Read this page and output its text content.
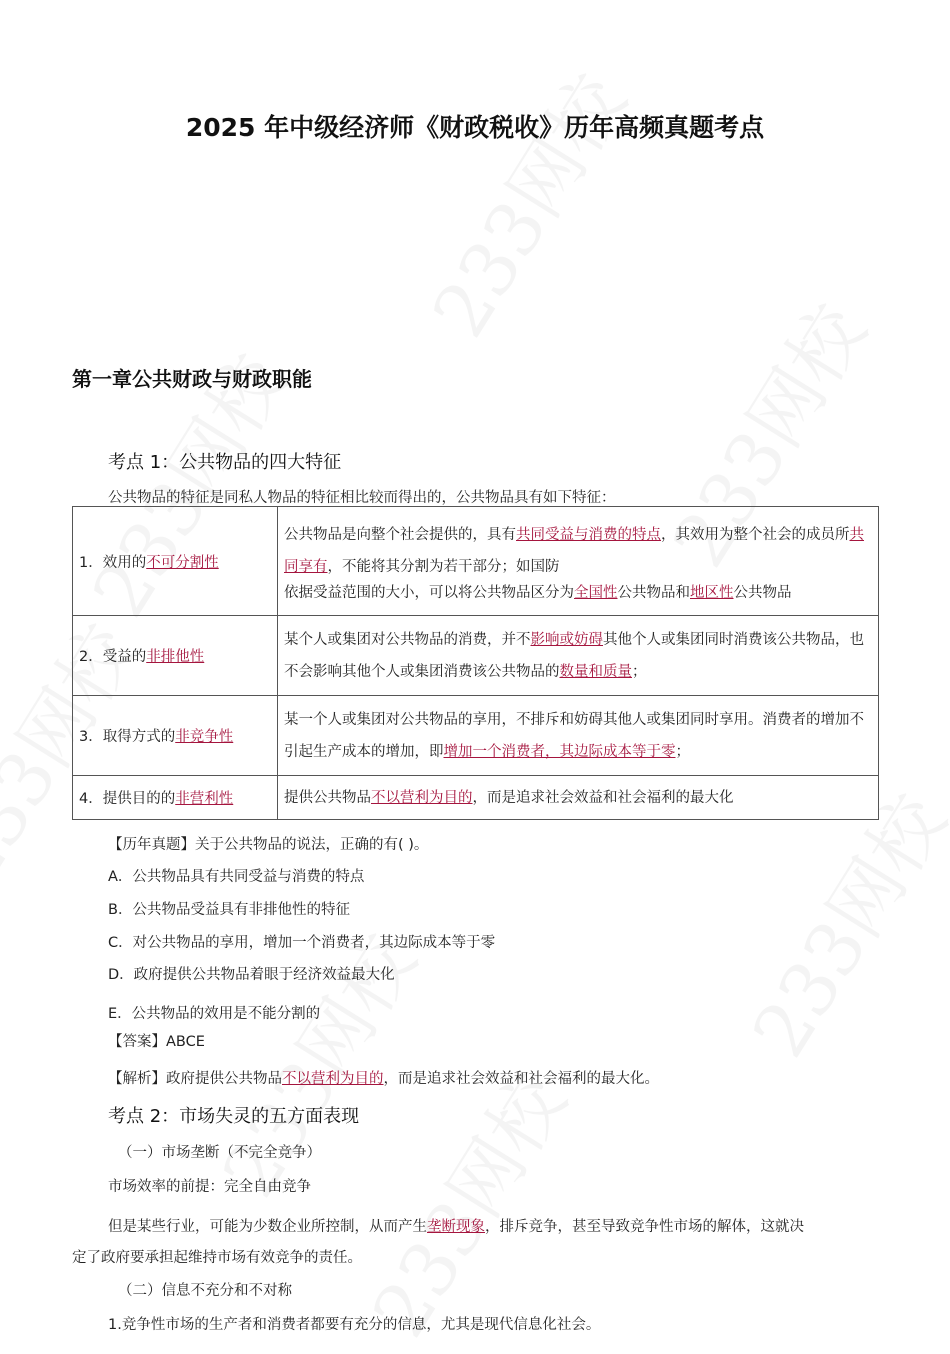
2025 年中级经济师《财政税收》历年高频真题考点
第一章公共财政与财政职能
考点 1：公共物品的四大特征
公共物品的特征是同私人物品的特征相比较而得出的，公共物品具有如下特征：
1．效用的不可分割性	公共物品是向整个社会提供的，具有共同受益与消费的特点，其效用为整个社会的成员所共同享有，不能将其分割为若干部分；如国防
依据受益范围的大小，可以将公共物品区分为全国性公共物品和地区性公共物品

2．受益的非排他性	某个人或集团对公共物品的消费，并不影响或妨碍其他个人或集团同时消费该公共物品，也不会影响其他个人或集团消费该公共物品的数量和质量；
3．取得方式的非竞争性	某一个人或集团对公共物品的享用，不排斥和妨碍其他人或集团同时享用。消费者的增加不引起生产成本的增加，即增加一个消费者，其边际成本等于零；
4．提供目的的非营利性	提供公共物品不以营利为目的，而是追求社会效益和社会福利的最大化
【历年真题】关于公共物品的说法，正确的有( )。
A．公共物品具有共同受益与消费的特点
B．公共物品受益具有非排他性的特征
C．对公共物品的享用，增加一个消费者，其边际成本等于零
D．政府提供公共物品着眼于经济效益最大化
E．公共物品的效用是不能分割的
【答案】ABCE
【解析】政府提供公共物品不以营利为目的，而是追求社会效益和社会福利的最大化。
考点 2：市场失灵的五方面表现
（一）市场垄断（不完全竞争）
市场效率的前提：完全自由竞争
但是某些行业，可能为少数企业所控制，从而产生垄断现象，排斥竞争，甚至导致竞争性市场的解体，这就决
定了政府要承担起维持市场有效竞争的责任。
（二）信息不充分和不对称
1.竞争性市场的生产者和消费者都要有充分的信息，尤其是现代信息化社会。
